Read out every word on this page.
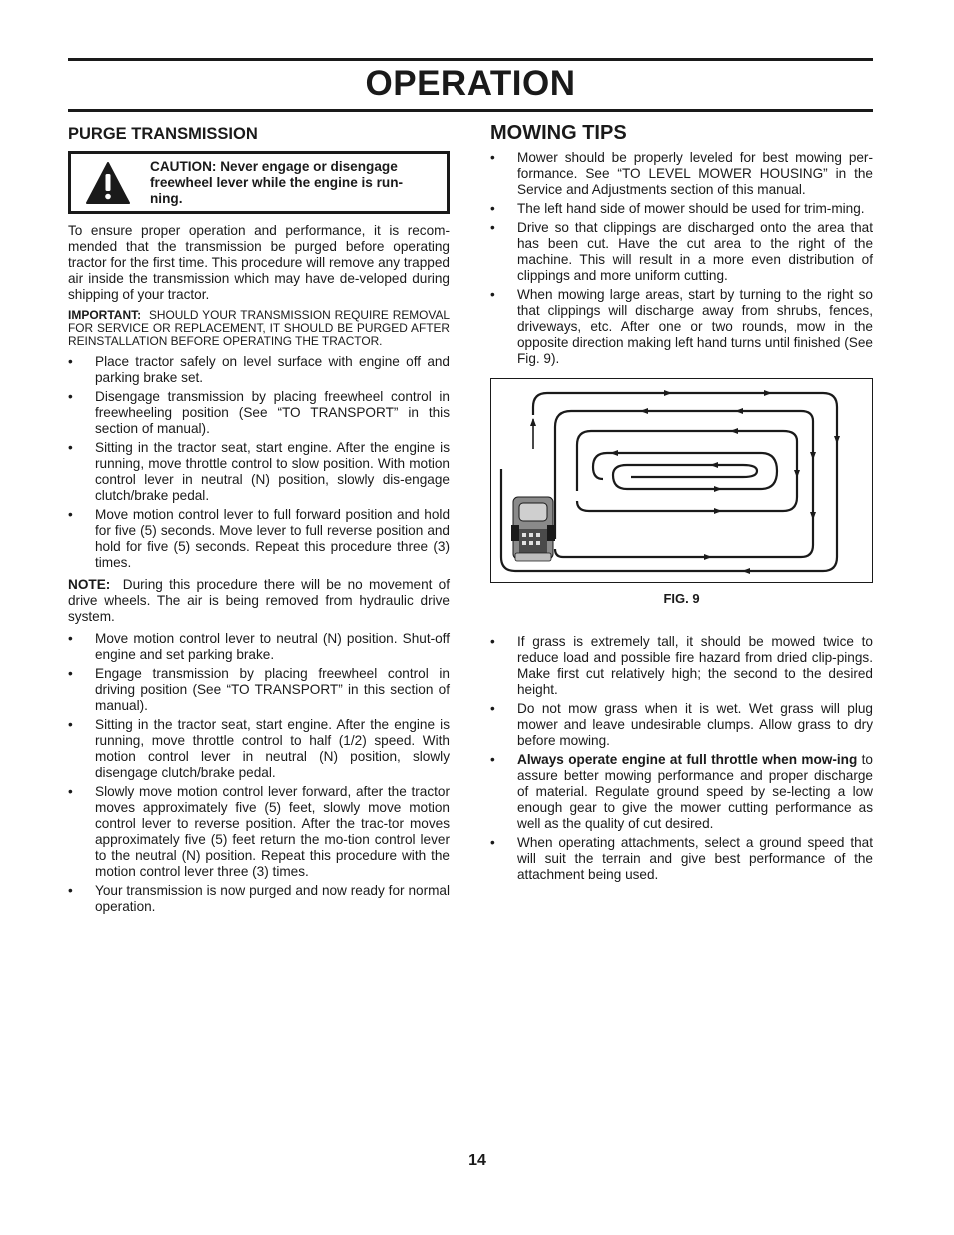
OPERATION
PURGE TRANSMISSION
CAUTION: Never engage or disengage freewheel lever while the engine is run-ning.

To ensure proper operation and performance, it is recom-mended that the transmission be purged before operating tractor for the first time. This procedure will remove any trapped air inside the transmission which may have de-veloped during shipping of your tractor.

IMPORTANT: SHOULD YOUR TRANSMISSION REQUIRE REMOVAL FOR SERVICE OR REPLACEMENT, IT SHOULD BE PURGED AFTER REINSTALLATION BEFORE OPERATING THE TRACTOR.

• Place tractor safely on level surface with engine off and parking brake set.
• Disengage transmission by placing freewheel control in freewheeling position (See “TO TRANSPORT” in this section of manual).
• Sitting in the tractor seat, start engine. After the engine is running, move throttle control to slow position. With motion control lever in neutral (N) position, slowly dis-engage clutch/brake pedal.
• Move motion control lever to full forward position and hold for five (5) seconds. Move lever to full reverse position and hold for five (5) seconds. Repeat this procedure three (3) times.

NOTE: During this procedure there will be no movement of drive wheels. The air is being removed from hydraulic drive system.

• Move motion control lever to neutral (N) position. Shut-off engine and set parking brake.
• Engage transmission by placing freewheel control in driving position (See “TO TRANSPORT” in this section of manual).
• Sitting in the tractor seat, start engine. After the engine is running, move throttle control to half (1/2) speed. With motion control lever in neutral (N) position, slowly disengage clutch/brake pedal.
• Slowly move motion control lever forward, after the tractor moves approximately five (5) feet, slowly move motion control lever to reverse position. After the trac-tor moves approximately five (5) feet return the mo-tion control lever to the neutral (N) position. Repeat this procedure with the motion control lever three (3) times.
• Your transmission is now purged and now ready for normal operation.
MOWING TIPS
• Mower should be properly leveled for best mowing per-formance. See “TO LEVEL MOWER HOUSING” in the Service and Adjustments section of this manual.
• The left hand side of mower should be used for trim-ming.
• Drive so that clippings are discharged onto the area that has been cut. Have the cut area to the right of the machine. This will result in a more even distribution of clippings and more uniform cutting.
• When mowing large areas, start by turning to the right so that clippings will discharge away from shrubs, fences, driveways, etc. After one or two rounds, mow in the opposite direction making left hand turns until finished (See Fig. 9).
FIG. 9
• If grass is extremely tall, it should be mowed twice to reduce load and possible fire hazard from dried clip-pings. Make first cut relatively high; the second to the desired height.
• Do not mow grass when it is wet. Wet grass will plug mower and leave undesirable clumps. Allow grass to dry before mowing.
• Always operate engine at full throttle when mow-ing to assure better mowing performance and proper discharge of material. Regulate ground speed by se-lecting a low enough gear to give the mower cutting performance as well as the quality of cut desired.
• When operating attachments, select a ground speed that will suit the terrain and give best performance of the attachment being used.
14
